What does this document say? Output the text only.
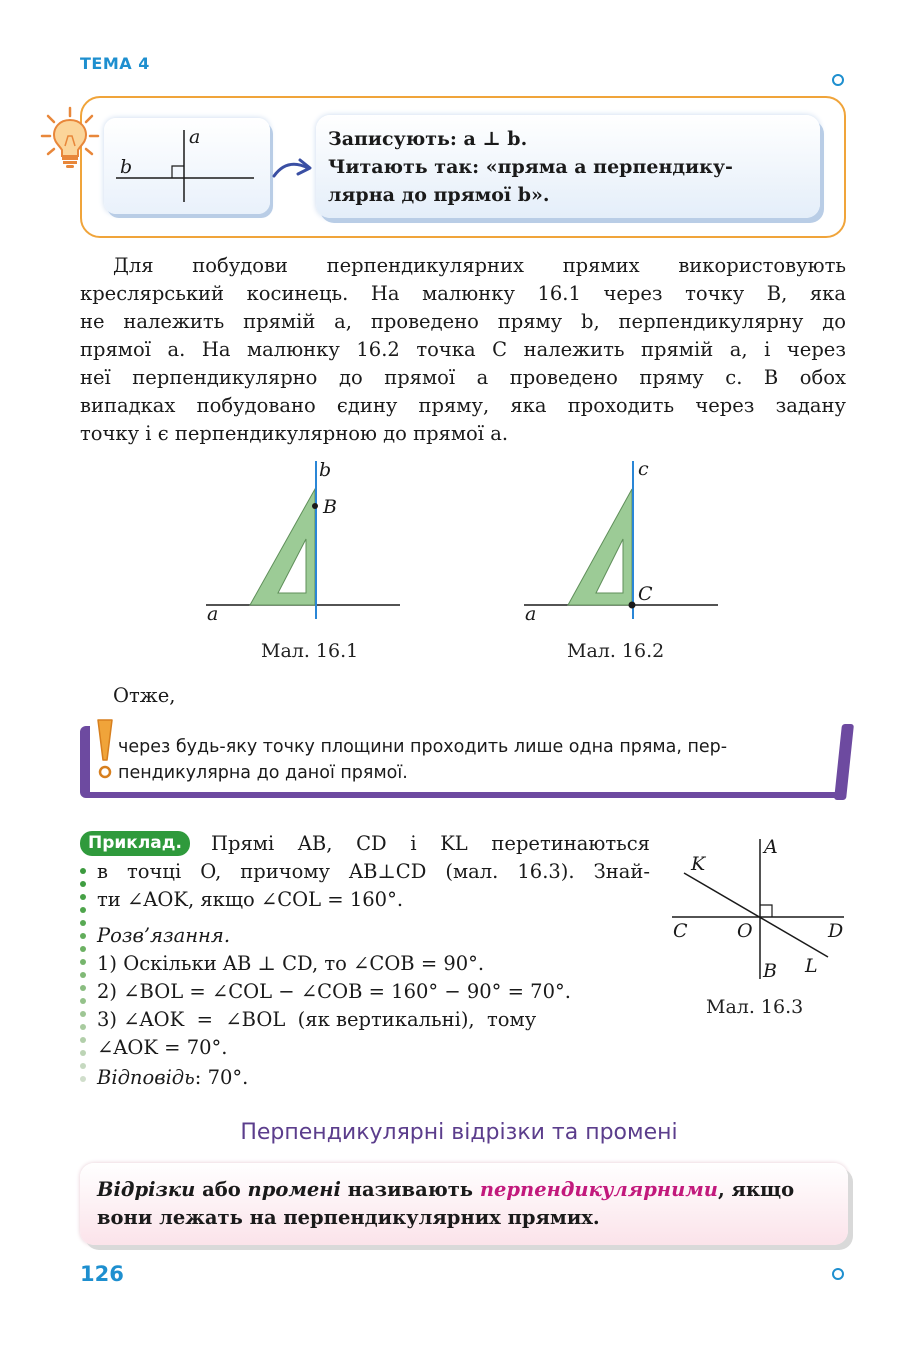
ТЕМА 4
a
b
Записують: a ⊥ b.
Читають так: «пряма a перпендику-
лярна до прямої b».
Для побудови перпендикулярних прямих використовують
креслярський косинець. На малюнку 16.1 через точку B, яка
не належить прямій a, проведено пряму b, перпендикулярну до
прямої a. На малюнку 16.2 точка C належить прямій a, і через
неї перпендикулярно до прямої a проведено пряму c. В обох
випадках побудовано єдину пряму, яка проходить через задану
точку і є перпендикулярною до прямої a.
b
B
a
Мал. 16.1
c
C
a
Мал. 16.2
Отже,
через будь-яку точку площини проходить лише одна пряма, пер-
пендикулярна до даної прямої.
Приклад.	Прямі AB, CD і KL перетинаються
в точці O, причому AB⊥CD (мал. 16.3). Знай-
ти ∠AOK, якщо ∠COL = 160°.
Розв’язання.
1) Оскільки AB ⊥ CD, то ∠COB = 90°.
2) ∠BOL = ∠COL − ∠COB = 160° − 90° = 70°.
3) ∠AOK  =  ∠BOL  (як вертикальні),  тому
∠AOK = 70°.
Відповідь: 70°.
A
K
C	O	D
B L
Мал. 16.3
Перпендикулярні відрізки та промені
Відрізки або промені називають перпендикулярними, якщо
вони лежать на перпендикулярних прямих.
126
